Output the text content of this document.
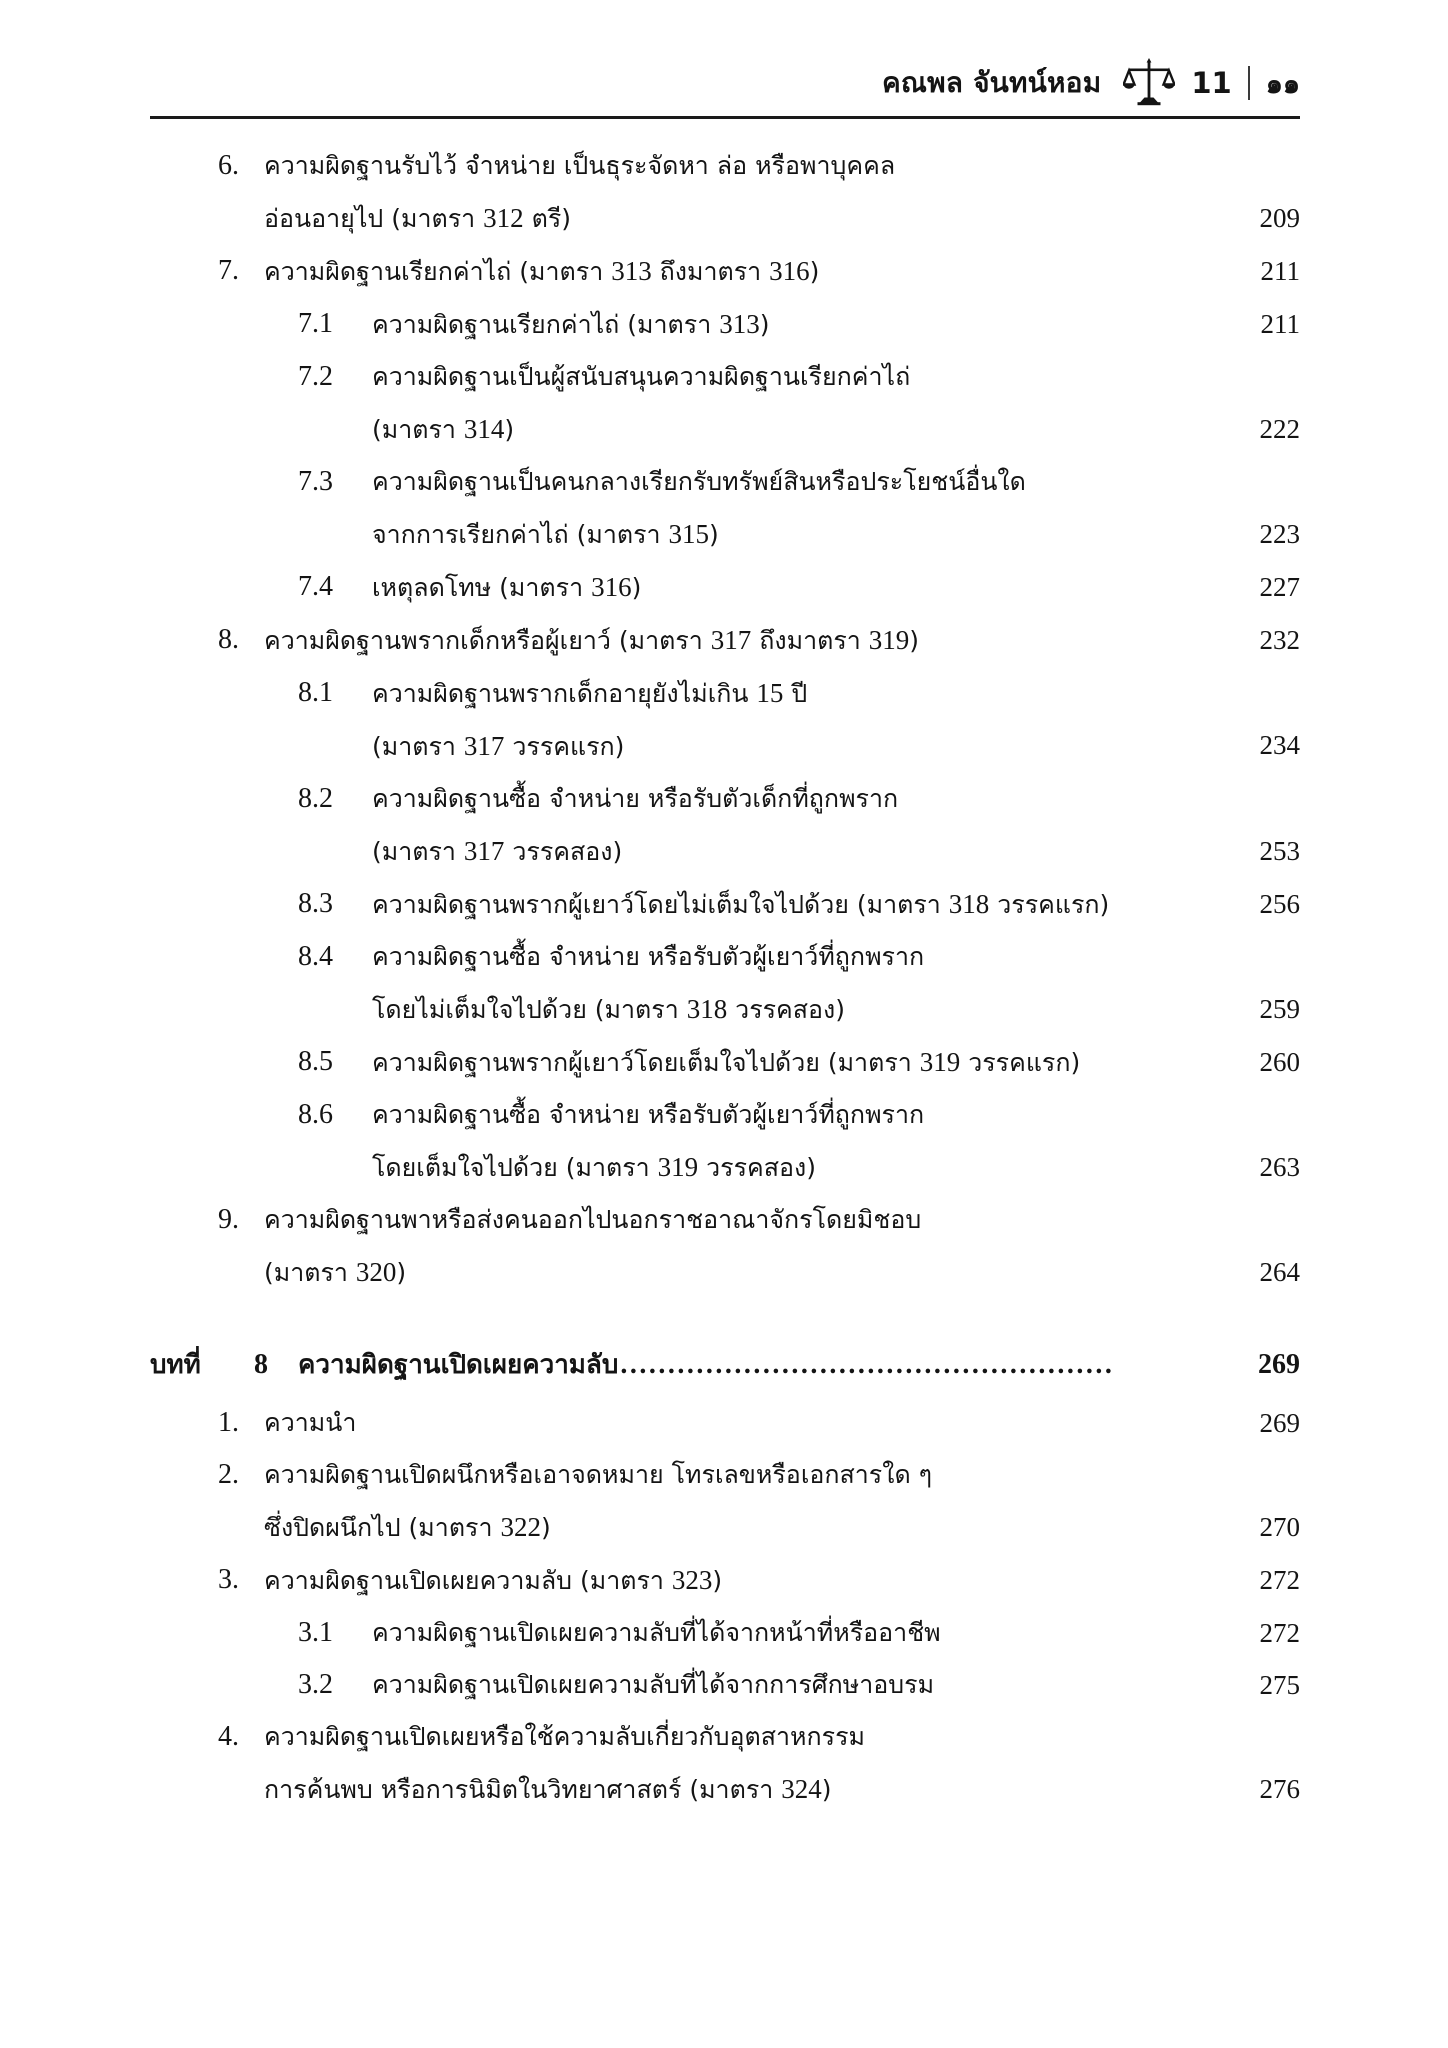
คณพล จันทน์หอม	11	๑๑
6.	ความผิดฐานรับไว้ จำหน่าย เป็นธุระจัดหา ล่อ หรือพาบุคคล
อ่อนอายุไป (มาตรา 312 ตรี)	209
7.	ความผิดฐานเรียกค่าไถ่ (มาตรา 313 ถึงมาตรา 316)	211
7.1	ความผิดฐานเรียกค่าไถ่ (มาตรา 313)	211
7.2	ความผิดฐานเป็นผู้สนับสนุนความผิดฐานเรียกค่าไถ่
(มาตรา 314)	222
7.3	ความผิดฐานเป็นคนกลางเรียกรับทรัพย์สินหรือประโยชน์อื่นใด
จากการเรียกค่าไถ่ (มาตรา 315)	223
7.4	เหตุลดโทษ (มาตรา 316)	227
8.	ความผิดฐานพรากเด็กหรือผู้เยาว์ (มาตรา 317 ถึงมาตรา 319)	232
8.1	ความผิดฐานพรากเด็กอายุยังไม่เกิน 15 ปี
(มาตรา 317 วรรคแรก)	234
8.2	ความผิดฐานซื้อ จำหน่าย หรือรับตัวเด็กที่ถูกพราก
(มาตรา 317 วรรคสอง)	253
8.3	ความผิดฐานพรากผู้เยาว์โดยไม่เต็มใจไปด้วย (มาตรา 318 วรรคแรก)	256
8.4	ความผิดฐานซื้อ จำหน่าย หรือรับตัวผู้เยาว์ที่ถูกพราก
โดยไม่เต็มใจไปด้วย (มาตรา 318 วรรคสอง)	259
8.5	ความผิดฐานพรากผู้เยาว์โดยเต็มใจไปด้วย (มาตรา 319 วรรคแรก)	260
8.6	ความผิดฐานซื้อ จำหน่าย หรือรับตัวผู้เยาว์ที่ถูกพราก
โดยเต็มใจไปด้วย (มาตรา 319 วรรคสอง)	263
9.	ความผิดฐานพาหรือส่งคนออกไปนอกราชอาณาจักรโดยมิชอบ
(มาตรา 320)	264
บทที่	8	ความผิดฐานเปิดเผยความลับ ....................................................	269
1.	ความนำ	269
2.	ความผิดฐานเปิดผนึกหรือเอาจดหมาย โทรเลขหรือเอกสารใด ๆ
ซึ่งปิดผนึกไป (มาตรา 322)	270
3.	ความผิดฐานเปิดเผยความลับ (มาตรา 323)	272
3.1	ความผิดฐานเปิดเผยความลับที่ได้จากหน้าที่หรืออาชีพ	272
3.2	ความผิดฐานเปิดเผยความลับที่ได้จากการศึกษาอบรม	275
4.	ความผิดฐานเปิดเผยหรือใช้ความลับเกี่ยวกับอุตสาหกรรม
การค้นพบ หรือการนิมิตในวิทยาศาสตร์ (มาตรา 324)	276
